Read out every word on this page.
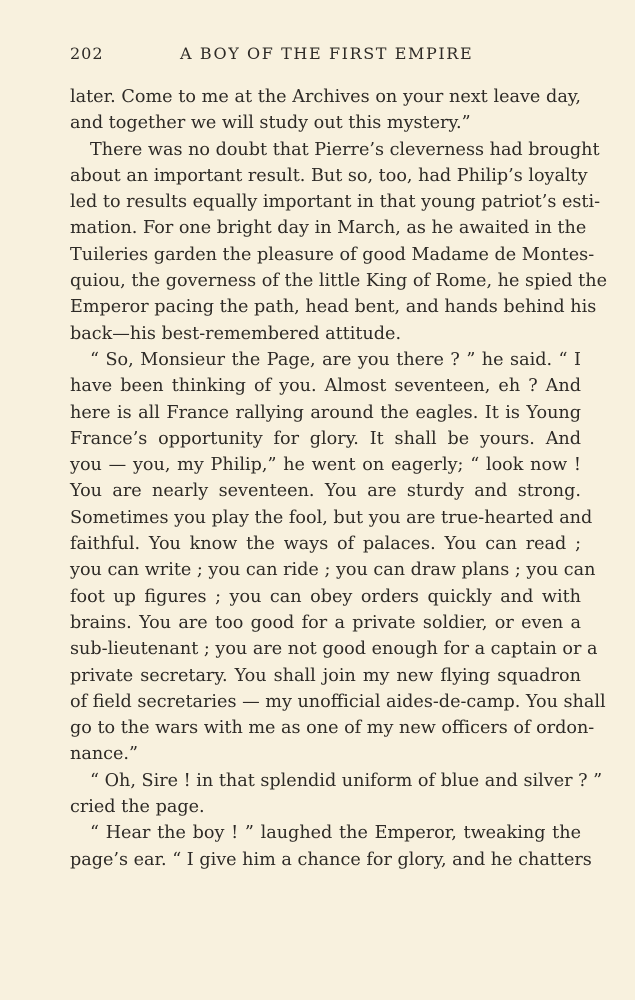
202	A BOY OF THE FIRST EMPIRE
later. Come to me at the Archives on your next leave day,
and together we will study out this mystery.”
There was no doubt that Pierre’s cleverness had brought
about an important result. But so, too, had Philip’s loyalty
led to results equally important in that young patriot’s esti-
mation. For one bright day in March, as he awaited in the
Tuileries garden the pleasure of good Madame de Montes-
quiou, the governess of the little King of Rome, he spied the
Emperor pacing the path, head bent, and hands behind his
back—his best-remembered attitude.
“ So, Monsieur the Page, are you there ? ” he said. “ I
have been thinking of you. Almost seventeen, eh ? And
here is all France rallying around the eagles. It is Young
France’s opportunity for glory. It shall be yours. And
you — you, my Philip,” he went on eagerly; “ look now !
You are nearly seventeen. You are sturdy and strong.
Sometimes you play the fool, but you are true-hearted and
faithful. You know the ways of palaces. You can read ;
you can write ; you can ride ; you can draw plans ; you can
foot up figures ; you can obey orders quickly and with
brains. You are too good for a private soldier, or even a
sub-lieutenant ; you are not good enough for a captain or a
private secretary. You shall join my new flying squadron
of field secretaries — my unofficial aides-de-camp. You shall
go to the wars with me as one of my new officers of ordon-
nance.”
“ Oh, Sire ! in that splendid uniform of blue and silver ? ”
cried the page.
“ Hear the boy ! ” laughed the Emperor, tweaking the
page’s ear. “ I give him a chance for glory, and he chatters
